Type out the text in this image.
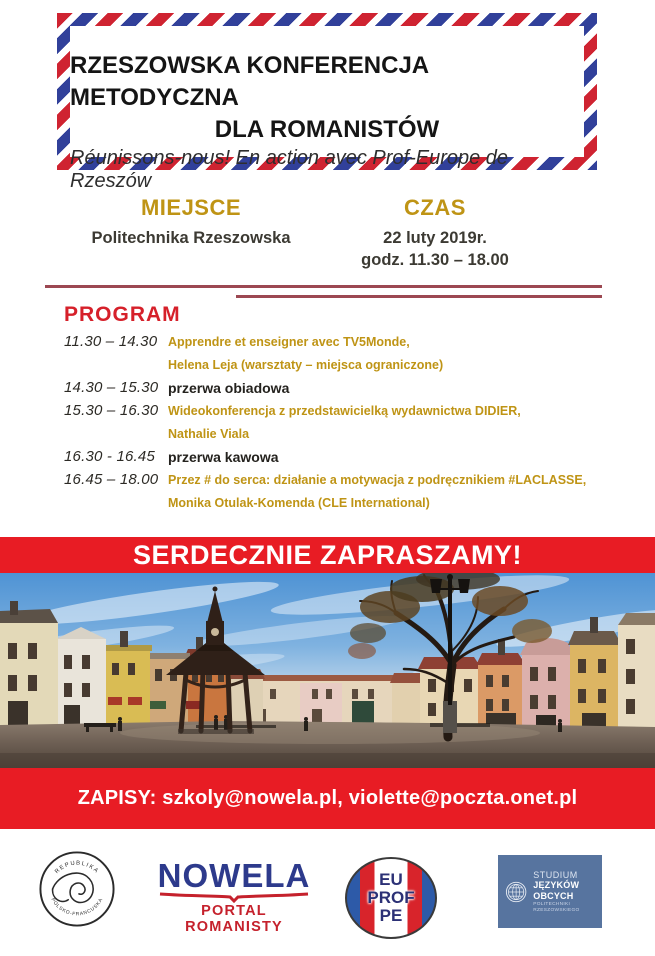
RZESZOWSKA KONFERENCJA METODYCZNA
DLA ROMANISTÓW
Réunissons-nous! En action avec Prof-Europe de Rzeszów
MIEJSCE
Politechnika Rzeszowska
CZAS
22 luty 2019r.
godz. 11.30 – 18.00
PROGRAM
11.30 – 14.30 Apprendre et enseigner avec TV5Monde,
Helena Leja (warsztaty – miejsca ograniczone)
14.30 – 15.30 przerwa obiadowa
15.30 – 16.30 Wideokonferencja z przedstawicielką wydawnictwa DIDIER,
Nathalie Viala
16.30 - 16.45 przerwa kawowa
16.45 – 18.00 Przez # do serca: działanie a motywacja z podręcznikiem #LACLASSE,
Monika Otulak-Komenda (CLE International)
SERDECZNIE ZAPRASZAMY!
ZAPISY: szkoly@nowela.pl, violette@poczta.onet.pl
REPUBLIKA
POLSKO-FRANCUSKA
NOWELA
PORTAL ROMANISTY
EU
PROF
PE
STUDIUM
JĘZYKÓW OBCYCH
POLITECHNIKI RZESZOWSKIEGO
